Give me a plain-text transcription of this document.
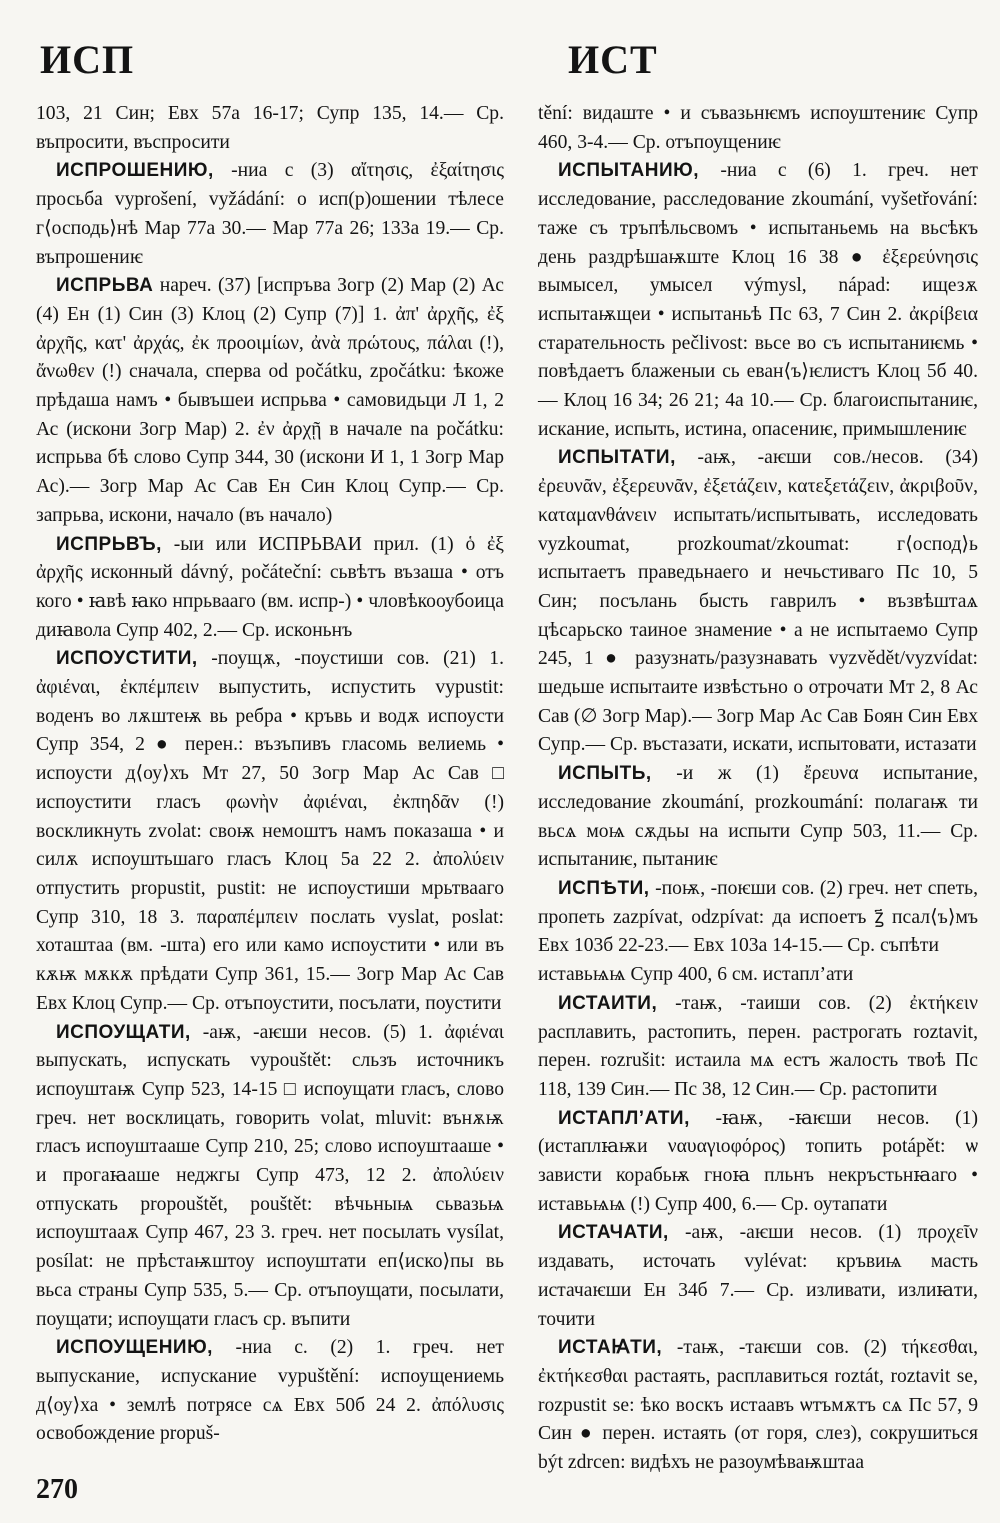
ИСП	ИСТ

103, 21 Син; Евх 57а 16-17; Супр 135, 14.— Ср. въпросити, въспросити

ИСПРОШЕНИЮ, -ниа с (3) αἴτησις, ἐξαίτησις просьба vyprošení, vyžádání: о исп(р)ошении тѣлесе г⟨осподь⟩нѣ Мар 77а 30.— Мар 77а 26; 133а 19.— Ср. въпрошениѥ

ИСПРЬВА нареч. (37) [испръва Зогр (2) Мар (2) Ас (4) Ен (1) Син (3) Клоц (2) Супр (7)] 1. ἀπ' ἀρχῆς, ἐξ ἀρχῆς, κατ' ἀρχάς, ἐκ προοιμίων, ἀνὰ πρώτους, πάλαι (!), ἄνωθεν (!) сначала, сперва od počátku, zpočátku: ѣкоже прѣдаша намъ • бывъшеи испрьва • самовидьци Л 1, 2 Ас (искони Зогр Мар) 2. ἐν ἀρχῇ в начале na počátku: испрьва бѣ слово Супр 344, 30 (искони И 1, 1 Зогр Мар Ас).— Зогр Мар Ас Сав Ен Син Клоц Супр.— Ср. запрьва, искони, начало (въ начало)

ИСПРЬВЪ, -ыи или ИСПРЬВАИ прил. (1) ὁ ἐξ ἀρχῆς исконный dávný, počáteční: сьвѣтъ възаша • отъ кого • ꙗвѣ ꙗко нпрьвааго (вм. испр-) • чловѣкооубоица диꙗвола Супр 402, 2.— Ср. исконьнъ

ИСПОУСТИТИ, -поущѫ, -поустиши сов. (21) 1. ἀφιέναι, ἐκπέμπειν выпустить, испустить vypustit: воденъ во лѫштеѭ вь ребра • кръвь и водѫ испоусти Супр 354, 2 ● перен.: възъпивъ гласомь велиемь • испоусти д⟨оу⟩хъ Мт 27, 50 Зогр Мар Ас Сав □ испоустити гласъ φωνὴν ἀφιέναι, ἐκπηδᾶν (!) воскликнуть zvolat: своѭ немоштъ намъ показаша • и силѫ испоуштьшаго гласъ Клоц 5а 22 2. ἀπολύειν отпустить propustit, pustit: не испоустиши мрьтвааго Супр 310, 18 3. παραπέμπειν послать vyslat, poslat: хоташтаа (вм. -шта) его или камо испоустити • или въ кѫѭ мѫкѫ прѣдати Супр 361, 15.— Зогр Мар Ас Сав Евх Клоц Супр.— Ср. отъпоустити, посълати, поустити

ИСПОУЩАТИ, -аѭ, -аѥши несов. (5) 1. ἀφιέναι выпускать, испускать vypouštět: сльзъ источникъ испоуштаѭ Супр 523, 14-15 □ испоущати гласъ, слово греч. нет восклицать, говорить volat, mluvit: вънѫѭ гласъ испоуштааше Супр 210, 25; слово испоуштааше • и прогаꙗаше неджгы Супр 473, 12 2. ἀπολύειν отпускать propouštět, pouštět: вѣчьныѩ сьвазьѩ испоуштааѫ Супр 467, 23 3. греч. нет посылать vysílat, posílat: не прѣстаѭштоу испоуштати еп⟨иско⟩пы вь вьса страны Супр 535, 5.— Ср. отъпоущати, посылати, поущати; испоущати гласъ ср. въпити

ИСПОУЩЕНИЮ, -ниа с. (2) 1. греч. нет выпускание, испускание vypuštění: испоущениемь д⟨оу⟩ха • землѣ потрясе сѧ Евх 50б 24 2. ἀπόλυσις освобождение propuš-

tění: видаште • и съвазьнѥмъ испоуштениѥ Супр 460, 3-4.— Ср. отъпоущениѥ

ИСПЫТАНИЮ, -ниа с (6) 1. греч. нет исследование, расследование zkoumání, vyšetřování: таже съ тръпѣльсвомъ • испытаньемь на вьсѣкъ день раздрѣшаѭште Клоц 16 38 ● ἐξερεύνησις вымысел, умысел výmysl, nápad: ищезѫ испытаѭщеи • испытаньѣ Пс 63, 7 Син 2. ἀκρίβεια старательность pečlivost: вьсе во съ испытаниѥмь • повѣдаетъ блаженыи сь еван⟨ъ⟩ѥлистъ Клоц 5б 40.— Клоц 16 34; 26 21; 4а 10.— Ср. благоиспытаниѥ, искание, испыть, истина, опасениѥ, примышлениѥ

ИСПЫТАТИ, -аѭ, -аѥши сов./несов. (34) ἐρευνᾶν, ἐξερευνᾶν, ἐξετάζειν, κατεξετάζειν, ἀκριβοῦν, καταμανθάνειν испытать/испытывать, исследовать vyzkoumat, prozkoumat/zkoumat: г⟨оспод⟩ь испытаетъ праведьнаего и нечьстиваго Пс 10, 5 Син; посълань бысть гаврилъ • възвѣштаѧ цѣсарьско таиное знамение • а не испытаемо Супр 245, 1 ● разузнать/разузнавать vyzvědět/vyzvídat: шедьше испытаите извѣстьно о отрочати Мт 2, 8 Ас Сав (∅ Зогр Мар).— Зогр Мар Ас Сав Боян Син Евх Супр.— Ср. въстазати, искати, испытовати, истазати

ИСПЫТЬ, -и ж (1) ἔρευνα испытание, исследование zkoumání, prozkoumání: полагаѭ ти вьсѧ моѩ сѫдьы на испыти Супр 503, 11.— Ср. испытаниѥ, пытаниѥ

ИСПѢТИ, -поѭ, -поѥши сов. (2) греч. нет спеть, пропеть zazpívat, odzpívat: да испоетъ ꙁ҃ псал⟨ъ⟩мъ Евх 103б 22-23.— Евх 103а 14-15.— Ср. съпѣти

иставьѩѩ Супр 400, 6 см. истапл’ати

ИСТАИТИ, -таѭ, -таиши сов. (2) ἐκτήκειν расплавить, растопить, перен. растрогать roztavit, перен. rozrušit: истаила мѧ естъ жалость твоѣ Пс 118, 139 Син.— Пс 38, 12 Син.— Ср. растопити

ИСТАПЛ’АТИ, -ꙗѭ, -ꙗѥши несов. (1) (истаплꙗѭи ναυαγιοφόρος) топить potápět: ѡ зависти корабьѭ гноꙗ пльнъ некръстьнꙗаго • иставьѩѩ (!) Супр 400, 6.— Ср. оутапати

ИСТАЧАТИ, -аѭ, -аѥши несов. (1) προχεῖν издавать, источать vylévat: кръвиѩ масть истачаѥши Ен 34б 7.— Ср. изливати, излиꙗти, точити

ИСТАꙖТИ, -таѭ, -таѥши сов. (2) τήκεσθαι, ἐκτήκεσθαι растаять, расплавиться roztát, roztavit se, rozpustit se: ѣко воскъ истаавъ ѡтъмѫтъ сѧ Пс 57, 9 Син ● перен. истаять (от горя, слез), сокрушиться být zdrcen: видѣхъ не разоумѣваѭштаа

270
